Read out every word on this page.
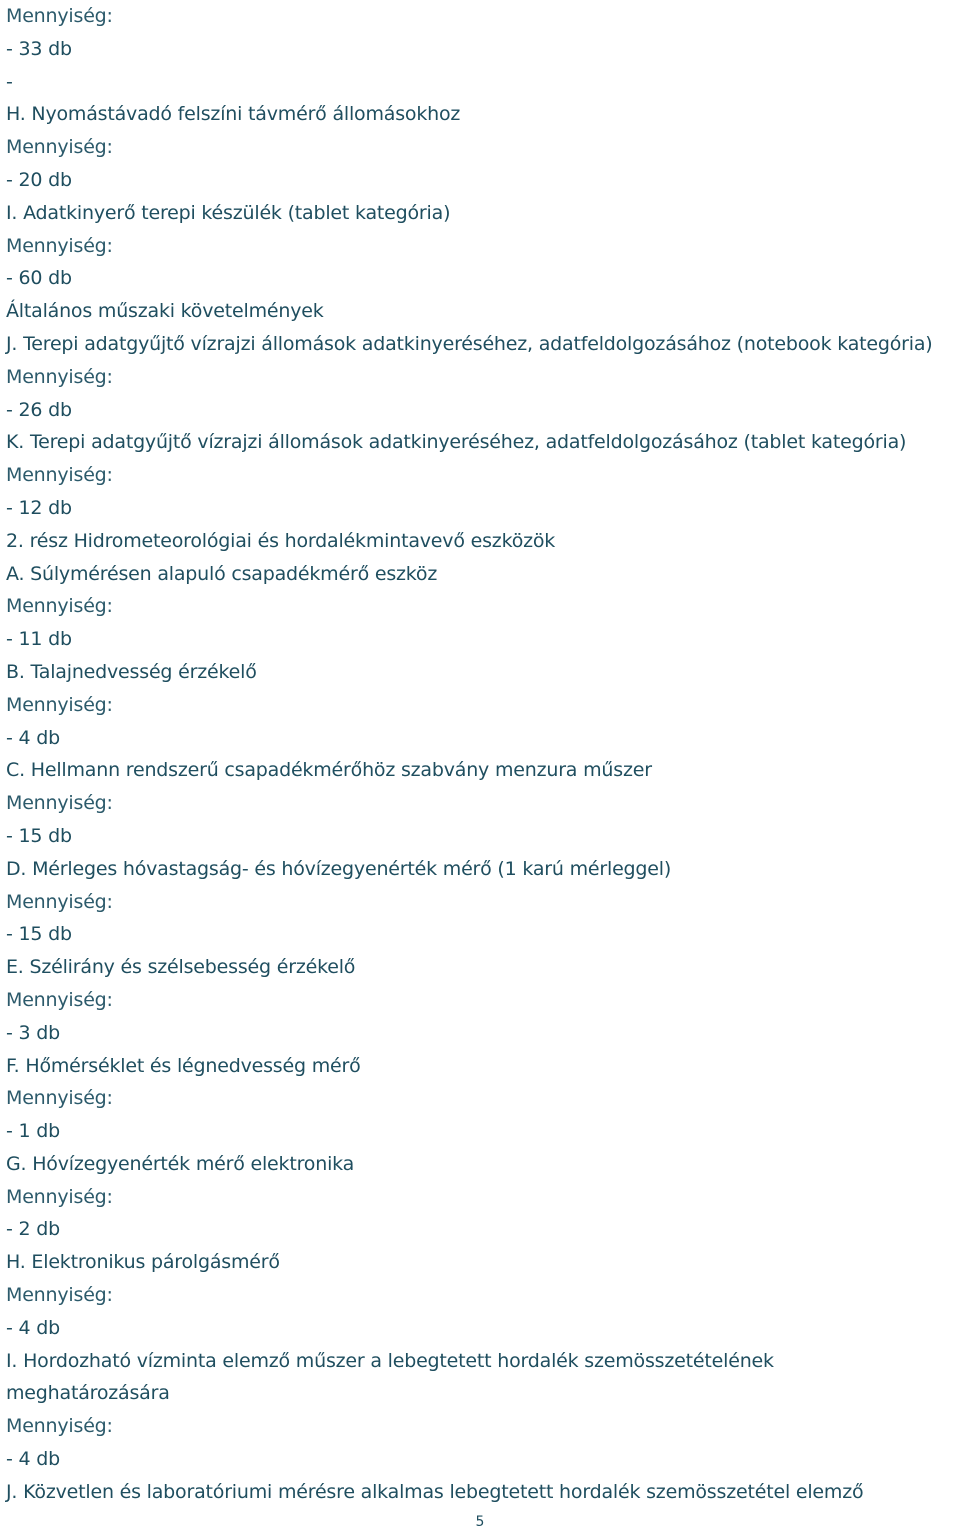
Mennyiség:
- 33 db
-
H. Nyomástávadó felszíni távmérő állomásokhoz
Mennyiség:
- 20 db
I. Adatkinyerő terepi készülék (tablet kategória)
Mennyiség:
- 60 db
Általános műszaki követelmények
J. Terepi adatgyűjtő vízrajzi állomások adatkinyeréséhez, adatfeldolgozásához (notebook kategória)
Mennyiség:
- 26 db
K. Terepi adatgyűjtő vízrajzi állomások adatkinyeréséhez, adatfeldolgozásához (tablet kategória)
Mennyiség:
- 12 db
2. rész Hidrometeorológiai és hordalékmintavevő eszközök
A. Súlymérésen alapuló csapadékmérő eszköz
Mennyiség:
- 11 db
B. Talajnedvesség érzékelő
Mennyiség:
- 4 db
C. Hellmann rendszerű csapadékmérőhöz szabvány menzura műszer
Mennyiség:
- 15 db
D. Mérleges hóvastagság- és hóvízegyenérték mérő (1 karú mérleggel)
Mennyiség:
- 15 db
E. Szélirány és szélsebesség érzékelő
Mennyiség:
- 3 db
F. Hőmérséklet és légnedvesség mérő
Mennyiség:
- 1 db
G. Hóvízegyenérték mérő elektronika
Mennyiség:
- 2 db
H. Elektronikus párolgásmérő
Mennyiség:
- 4 db
I. Hordozható vízminta elemző műszer a lebegtetett hordalék szemösszetételének
meghatározására
Mennyiség:
- 4 db
J. Közvetlen és laboratóriumi mérésre alkalmas lebegtetett hordalék szemösszetétel elemző
5
